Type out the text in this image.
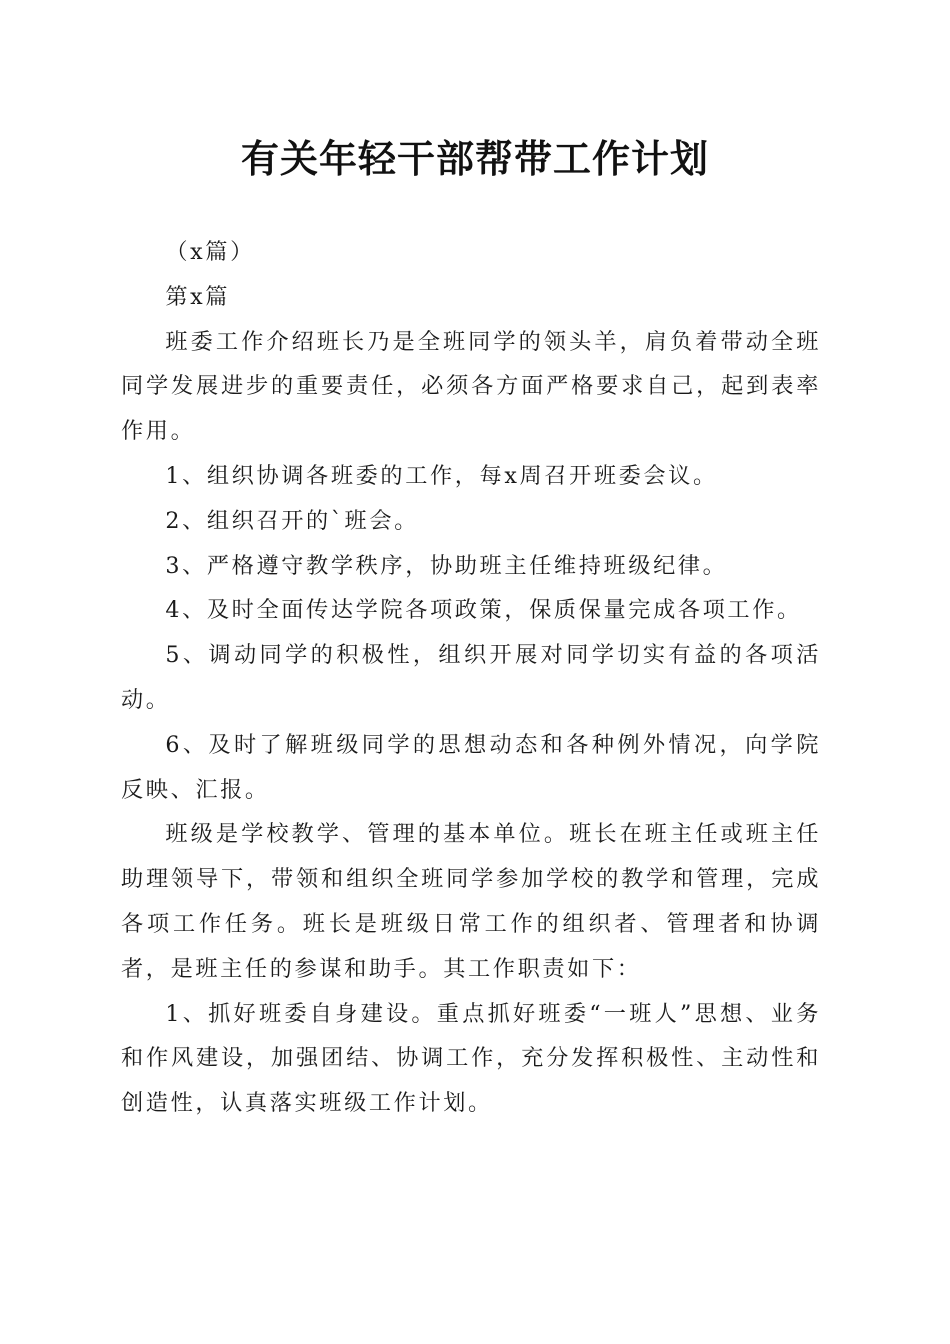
有关年轻干部帮带工作计划

（x篇）

第x篇

班委工作介绍班长乃是全班同学的领头羊，肩负着带动全班同学发展进步的重要责任，必须各方面严格要求自己，起到表率作用。

1、组织协调各班委的工作，每x周召开班委会议。

2、组织召开的`班会。

3、严格遵守教学秩序，协助班主任维持班级纪律。

4、及时全面传达学院各项政策，保质保量完成各项工作。

5、调动同学的积极性，组织开展对同学切实有益的各项活动。

6、及时了解班级同学的思想动态和各种例外情况，向学院反映、汇报。

班级是学校教学、管理的基本单位。班长在班主任或班主任助理领导下，带领和组织全班同学参加学校的教学和管理，完成各项工作任务。班长是班级日常工作的组织者、管理者和协调者，是班主任的参谋和助手。其工作职责如下：

1、抓好班委自身建设。重点抓好班委“一班人”思想、业务和作风建设，加强团结、协调工作，充分发挥积极性、主动性和创造性，认真落实班级工作计划。
